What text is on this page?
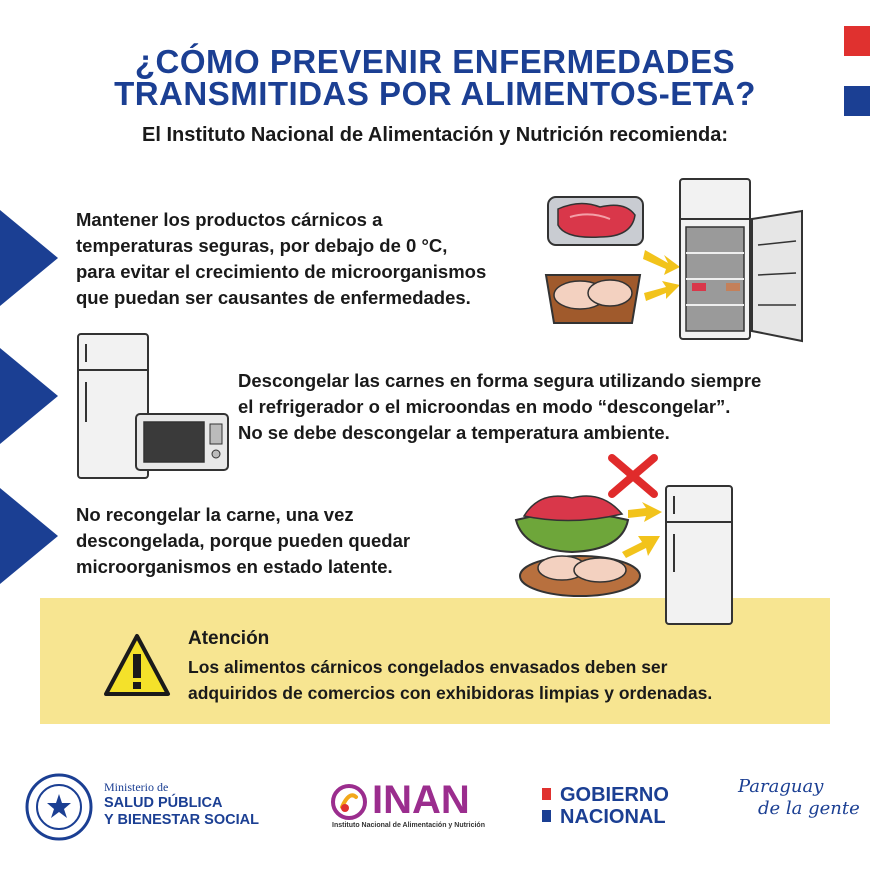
¿CÓMO PREVENIR ENFERMEDADES
TRANSMITIDAS POR ALIMENTOS-ETA?
El Instituto Nacional de Alimentación y Nutrición recomienda:
Mantener los productos cárnicos a
temperaturas seguras, por debajo de 0 °C,
para evitar el crecimiento de microorganismos
que puedan ser causantes de enfermedades.
Descongelar las carnes en forma segura utilizando siempre
el refrigerador o el microondas en modo “descongelar”.
No se debe descongelar a temperatura ambiente.
No recongelar la carne, una vez
descongelada, porque pueden quedar
microorganismos en estado latente.
Atención
Los alimentos cárnicos congelados envasados deben ser
adquiridos de comercios con exhibidoras limpias y ordenadas.
Ministerio de
SALUD PÚBLICA
Y BIENESTAR SOCIAL	INAN
Instituto Nacional de Alimentación y Nutrición
GOBIERNO
NACIONAL
Paraguay
de la gente
